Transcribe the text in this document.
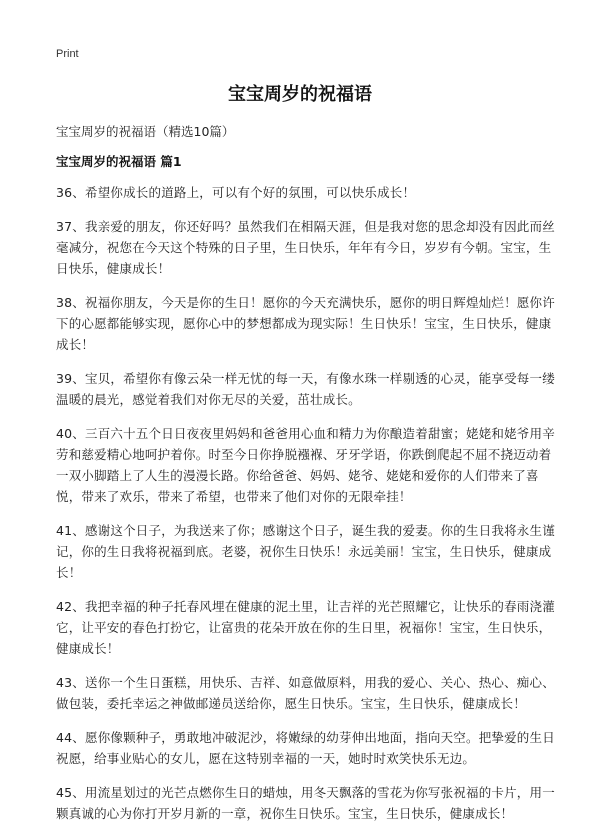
Print
宝宝周岁的祝福语
宝宝周岁的祝福语（精选10篇）
宝宝周岁的祝福语 篇1

36、希望你成长的道路上，可以有个好的氛围，可以快乐成长！

37、我亲爱的朋友，你还好吗？虽然我们在相隔天涯，但是我对您的思念却没有因此而丝毫减分，祝您在今天这个特殊的日子里，生日快乐，年年有今日，岁岁有今朝。宝宝，生日快乐，健康成长！

38、祝福你朋友，今天是你的生日！愿你的今天充满快乐，愿你的明日辉煌灿烂！愿你许下的心愿都能够实现，愿你心中的梦想都成为现实际！生日快乐！宝宝，生日快乐，健康成长！

39、宝贝，希望你有像云朵一样无忧的每一天，有像水珠一样剔透的心灵，能享受每一缕温暖的晨光，感觉着我们对你无尽的关爱，茁壮成长。

40、三百六十五个日日夜夜里妈妈和爸爸用心血和精力为你酿造着甜蜜；姥姥和姥爷用辛劳和慈爱精心地呵护着你。时至今日你挣脱襁褓、牙牙学语，你跌倒爬起不屈不挠迈动着一双小脚踏上了人生的漫漫长路。你给爸爸、妈妈、姥爷、姥姥和爱你的人们带来了喜悦，带来了欢乐，带来了希望，也带来了他们对你的无限牵挂！

41、感谢这个日子，为我送来了你；感谢这个日子，诞生我的爱妻。你的生日我将永生谨记，你的生日我将祝福到底。老婆，祝你生日快乐！永远美丽！宝宝，生日快乐，健康成长！

42、我把幸福的种子托春风埋在健康的泥土里，让吉祥的光芒照耀它，让快乐的春雨浇灌它，让平安的春色打扮它，让富贵的花朵开放在你的生日里，祝福你！宝宝，生日快乐，健康成长！

43、送你一个生日蛋糕，用快乐、吉祥、如意做原料，用我的爱心、关心、热心、痴心、做包装，委托幸运之神做邮递员送给你，愿生日快乐。宝宝，生日快乐，健康成长！

44、愿你像颗种子，勇敢地冲破泥沙，将嫩绿的幼芽伸出地面，指向天空。把挚爱的生日祝愿，给事业贴心的女儿，愿在这特别幸福的一天，她时时欢笑快乐无边。

45、用流星划过的光芒点燃你生日的蜡烛，用冬天飘落的雪花为你写张祝福的卡片，用一颗真诚的心为你打开岁月新的一章，祝你生日快乐。宝宝，生日快乐，健康成长！
